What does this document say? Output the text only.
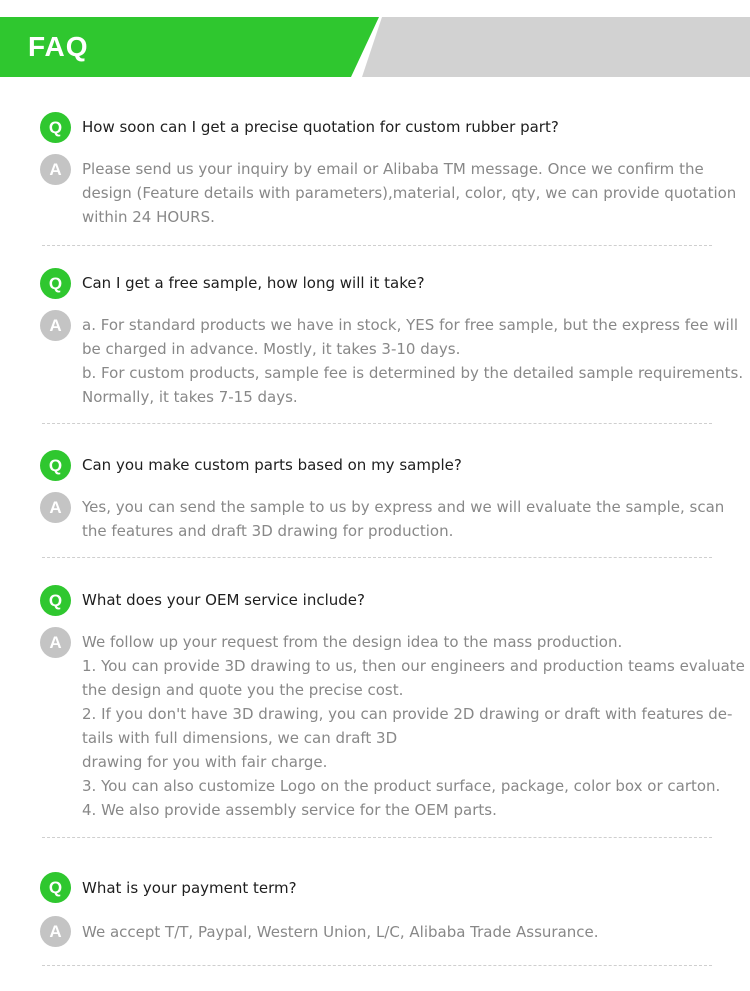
FAQ
Q	How soon can I get a precise quotation for custom rubber part?
A	Please send us your inquiry by email or Alibaba TM message. Once we confirm the
design (Feature details with parameters),material, color, qty, we can provide quotation
within 24 HOURS.
Q	Can I get a free sample, how long will it take?
A	a. For standard products we have in stock, YES for free sample, but the express fee will
be charged in advance. Mostly, it takes 3-10 days.
b. For custom products, sample fee is determined by the detailed sample requirements.
Normally, it takes 7-15 days.
Q	Can you make custom parts based on my sample?
A	Yes, you can send the sample to us by express and we will evaluate the sample, scan
the features and draft 3D drawing for production.
Q	What does your OEM service include?
A	We follow up your request from the design idea to the mass production.
1. You can provide 3D drawing to us, then our engineers and production teams evaluate
the design and quote you the precise cost.
2. If you don't have 3D drawing, you can provide 2D drawing or draft with features de-
tails with full dimensions, we can draft 3D
drawing for you with fair charge.
3. You can also customize Logo on the product surface, package, color box or carton.
4. We also provide assembly service for the OEM parts.
Q	What is your payment term?
A	We accept T/T, Paypal, Western Union, L/C, Alibaba Trade Assurance.
